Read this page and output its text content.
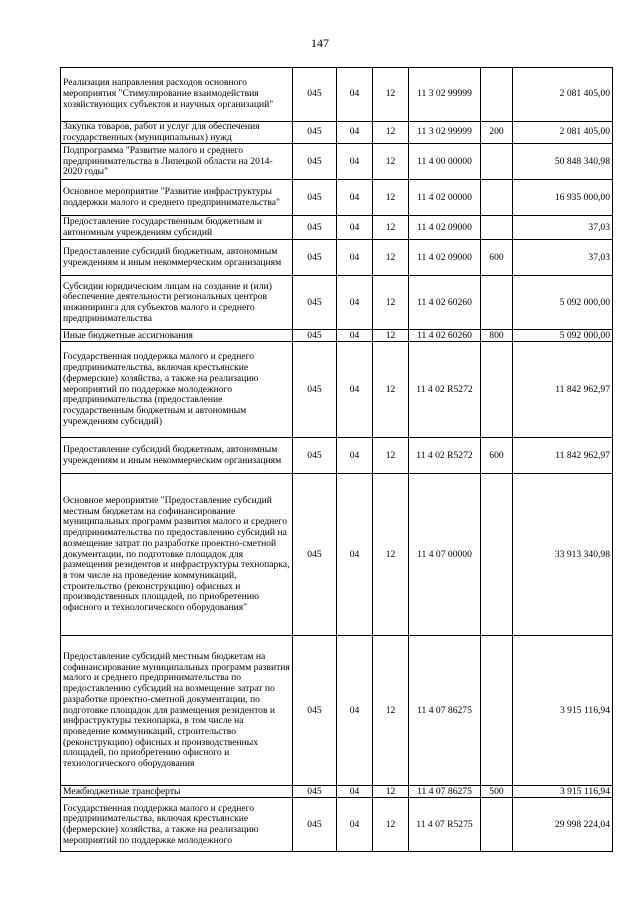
147
Реализация направления расходов основного мероприятия "Стимулирование взаимодействия хозяйствующих субъектов и научных организаций"	045	04	12	11 3 02 99999		2 081 405,00
Закупка товаров, работ и услуг для обеспечения государственных (муниципальных) нужд	045	04	12	11 3 02 99999	200	2 081 405,00
Подпрограмма "Развитие малого и среднего предпринимательства в Липецкой области на 2014-2020 годы"	045	04	12	11 4 00 00000		50 848 340,98
Основное мероприятие "Развитие инфраструктуры поддержки малого и среднего предпринимательства"	045	04	12	11 4 02 00000		16 935 000,00
Предоставление государственным бюджетным и автономным учреждениям субсидий	045	04	12	11 4 02 09000		37,03
Предоставление субсидий бюджетным, автономным учреждениям и иным некоммерческим организациям	045	04	12	11 4 02 09000	600	37,03
Субсидии юридическим лицам на создание и (или) обеспечение деятельности региональных центров инжиниринга для субъектов малого и среднего предпринимательства	045	04	12	11 4 02 60260		5 092 000,00
Иные бюджетные ассигнования	045	04	12	11 4 02 60260	800	5 092 000,00
Государственная поддержка малого и среднего предпринимательства, включая крестьянские (фермерские) хозяйства, а также на реализацию мероприятий по поддержке молодежного предпринимательства (предоставление государственным бюджетным и автономным учреждениям субсидий)	045	04	12	11 4 02 R5272		11 842 962,97
Предоставление субсидий бюджетным, автономным учреждениям и иным некоммерческим организациям	045	04	12	11 4 02 R5272	600	11 842 962,97
Основное мероприятие "Предоставление субсидий местным бюджетам на софинансирование муниципальных программ развития малого и среднего предпринимательства по предоставлению субсидий на возмещение затрат по разработке проектно-сметной документации, по подготовке площадок для размещения резидентов и инфраструктуры технопарка, в том числе на проведение коммуникаций, строительство (реконструкцию) офисных и производственных площадей, по приобретению офисного и технологического оборудования"	045	04	12	11 4 07 00000		33 913 340,98
Предоставление субсидий местным бюджетам на софинансирование муниципальных программ развития малого и среднего предпринимательства по предоставлению субсидий на возмещение затрат по разработке проектно-сметной документации, по подготовке площадок для размещения резидентов и инфраструктуры технопарка, в том числе на проведение коммуникаций, строительство (реконструкцию) офисных и производственных площадей, по приобретению офисного и технологического оборудования	045	04	12	11 4 07 86275		3 915 116,94
Межбюджетные трансферты	045	04	12	11 4 07 86275	500	3 915 116,94
Государственная поддержка малого и среднего предпринимательства, включая крестьянские (фермерские) хозяйства, а также на реализацию мероприятий по поддержке молодежного	045	04	12	11 4 07 R5275		29 998 224,04
